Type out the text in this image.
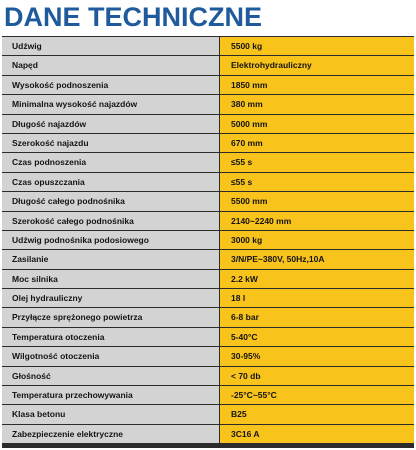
DANE TECHNICZNE
Udźwig	5500 kg
Napęd	Elektrohydrauliczny
Wysokość podnoszenia	1850 mm
Minimalna wysokość najazdów	380 mm
Długość najazdów	5000 mm
Szerokość najazdu	670 mm
Czas podnoszenia	≤55 s
Czas opuszczania	≤55 s
Długość całego podnośnika	5500 mm
Szerokość całego podnośnika	2140~2240 mm
Udźwig podnośnika podosiowego	3000 kg
Zasilanie	3/N/PE~380V, 50Hz,10A
Moc silnika	2.2 kW
Olej hydrauliczny	18 l
Przyłącze sprężonego powietrza	6-8 bar
Temperatura otoczenia	5-40°C
Wilgotność otoczenia	30-95%
Głośność	< 70 db
Temperatura przechowywania	-25°C~55°C
Klasa betonu	B25
Zabezpieczenie elektryczne	3C16 A
